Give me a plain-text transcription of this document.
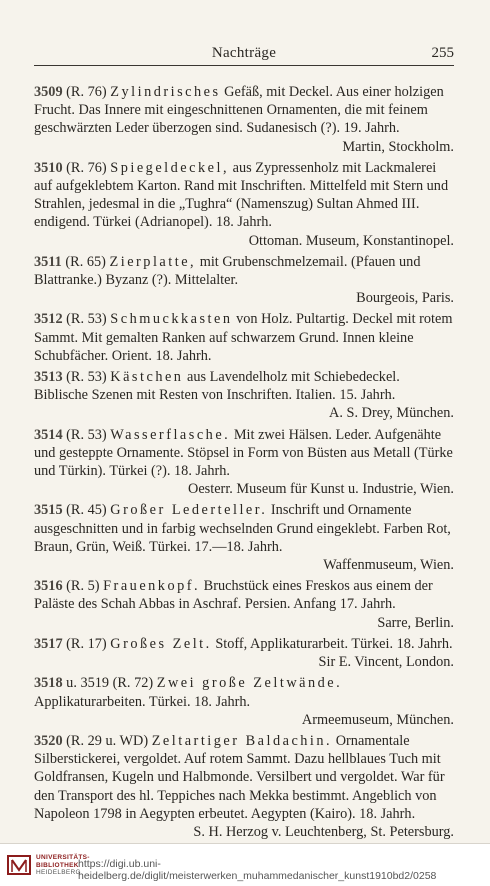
Nachträge	255
3509 (R. 76) Zylindrisches Gefäß, mit Deckel. Aus einer holzigen Frucht. Das Innere mit eingeschnittenen Ornamenten, die mit feinem geschwärzten Leder überzogen sind. Sudanesisch (?). 19. Jahrh.
Martin, Stockholm.
3510 (R. 76) Spiegeldeckel, aus Zypressenholz mit Lackmalerei auf aufgeklebtem Karton. Rand mit Inschriften. Mittelfeld mit Stern und Strahlen, jedesmal in die „Tughra“ (Namenszug) Sultan Ahmed III. endigend. Türkei (Adrianopel). 18. Jahrh.
Ottoman. Museum, Konstantinopel.
3511 (R. 65) Zierplatte, mit Grubenschmelzemail. (Pfauen und Blattranke.) Byzanz (?). Mittelalter.
Bourgeois, Paris.
3512 (R. 53) Schmuckkasten von Holz. Pultartig. Deckel mit rotem Sammt. Mit gemalten Ranken auf schwarzem Grund. Innen kleine Schubfächer. Orient. 18. Jahrh.
3513 (R. 53) Kästchen aus Lavendelholz mit Schiebedeckel. Biblische Szenen mit Resten von Inschriften. Italien. 15. Jahrh.
A. S. Drey, München.
3514 (R. 53) Wasserflasche. Mit zwei Hälsen. Leder. Aufgenähte und gesteppte Ornamente. Stöpsel in Form von Büsten aus Metall (Türke und Türkin). Türkei (?). 18. Jahrh.
Oesterr. Museum für Kunst u. Industrie, Wien.
3515 (R. 45) Großer Lederteller. Inschrift und Ornamente ausgeschnitten und in farbig wechselnden Grund eingeklebt. Farben Rot, Braun, Grün, Weiß. Türkei. 17.—18. Jahrh.
Waffenmuseum, Wien.
3516 (R. 5) Frauenkopf. Bruchstück eines Freskos aus einem der Paläste des Schah Abbas in Aschraf. Persien. Anfang 17. Jahrh.
Sarre, Berlin.
3517 (R. 17) Großes Zelt. Stoff, Applikaturarbeit. Türkei. 18. Jahrh.
Sir E. Vincent, London.
3518 u. 3519 (R. 72) Zwei große Zeltwände. Applikaturarbeiten. Türkei. 18. Jahrh.
Armeemuseum, München.
3520 (R. 29 u. WD) Zeltartiger Baldachin. Ornamentale Silberstickerei, vergoldet. Auf rotem Sammt. Dazu hellblaues Tuch mit Goldfransen, Kugeln und Halbmonde. Versilbert und vergoldet. War für den Transport des hl. Teppiches nach Mekka bestimmt. Angeblich von Napoleon 1798 in Aegypten erbeutet. Aegypten (Kairo). 18. Jahrh.
S. H. Herzog v. Leuchtenberg, St. Petersburg.
UNIVERSITÄTS-
BIBLIOTHEK
HEIDELBERG
https://digi.ub.uni-heidelberg.de/diglit/meisterwerken_muhammedanischer_kunst1910bd2/0258
